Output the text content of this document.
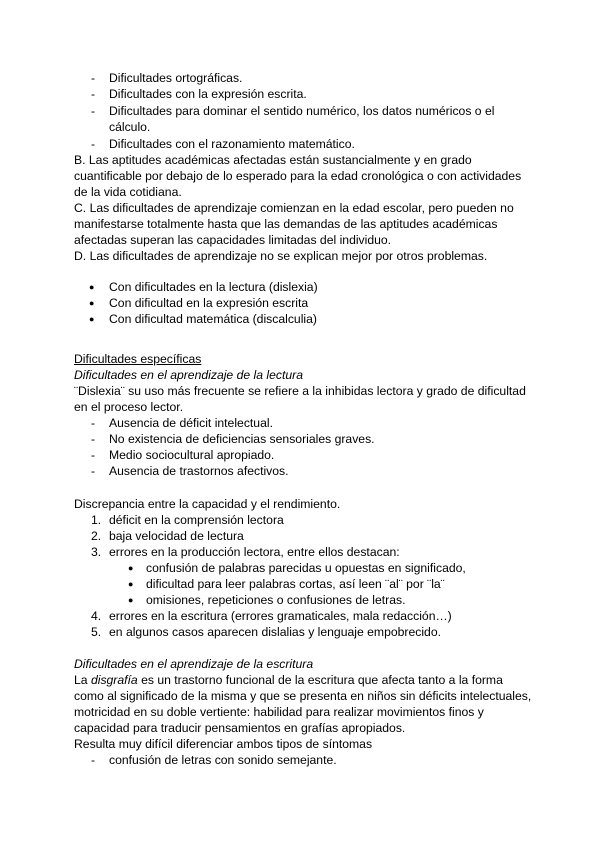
- Dificultades ortográficas.
- Dificultades con la expresión escrita.
- Dificultades para dominar el sentido numérico, los datos numéricos o el
cálculo.
- Dificultades con el razonamiento matemático.
B. Las aptitudes académicas afectadas están sustancialmente y en grado
cuantificable por debajo de lo esperado para la edad cronológica o con actividades
de la vida cotidiana.
C. Las dificultades de aprendizaje comienzan en la edad escolar, pero pueden no
manifestarse totalmente hasta que las demandas de las aptitudes académicas
afectadas superan las capacidades limitadas del individuo.
D. Las dificultades de aprendizaje no se explican mejor por otros problemas.
● Con dificultades en la lectura (dislexia)
● Con dificultad en la expresión escrita
● Con dificultad matemática (discalculia)
Dificultades específicas
Dificultades en el aprendizaje de la lectura
¨Dislexia¨ su uso más frecuente se refiere a la inhibidas lectora y grado de dificultad
en el proceso lector.
- Ausencia de déficit intelectual.
- No existencia de deficiencias sensoriales graves.
- Medio sociocultural apropiado.
- Ausencia de trastornos afectivos.
Discrepancia entre la capacidad y el rendimiento.
1. déficit en la comprensión lectora
2. baja velocidad de lectura
3. errores en la producción lectora, entre ellos destacan:
● confusión de palabras parecidas u opuestas en significado,
● dificultad para leer palabras cortas, así leen ¨al¨ por ¨la¨
● omisiones, repeticiones o confusiones de letras.
4. errores en la escritura (errores gramaticales, mala redacción…)
5. en algunos casos aparecen dislalias y lenguaje empobrecido.
Dificultades en el aprendizaje de la escritura
La disgrafía es un trastorno funcional de la escritura que afecta tanto a la forma
como al significado de la misma y que se presenta en niños sin déficits intelectuales,
motricidad en su doble vertiente: habilidad para realizar movimientos finos y
capacidad para traducir pensamientos en grafías apropiados.
Resulta muy difícil diferenciar ambos tipos de síntomas
- confusión de letras con sonido semejante.
